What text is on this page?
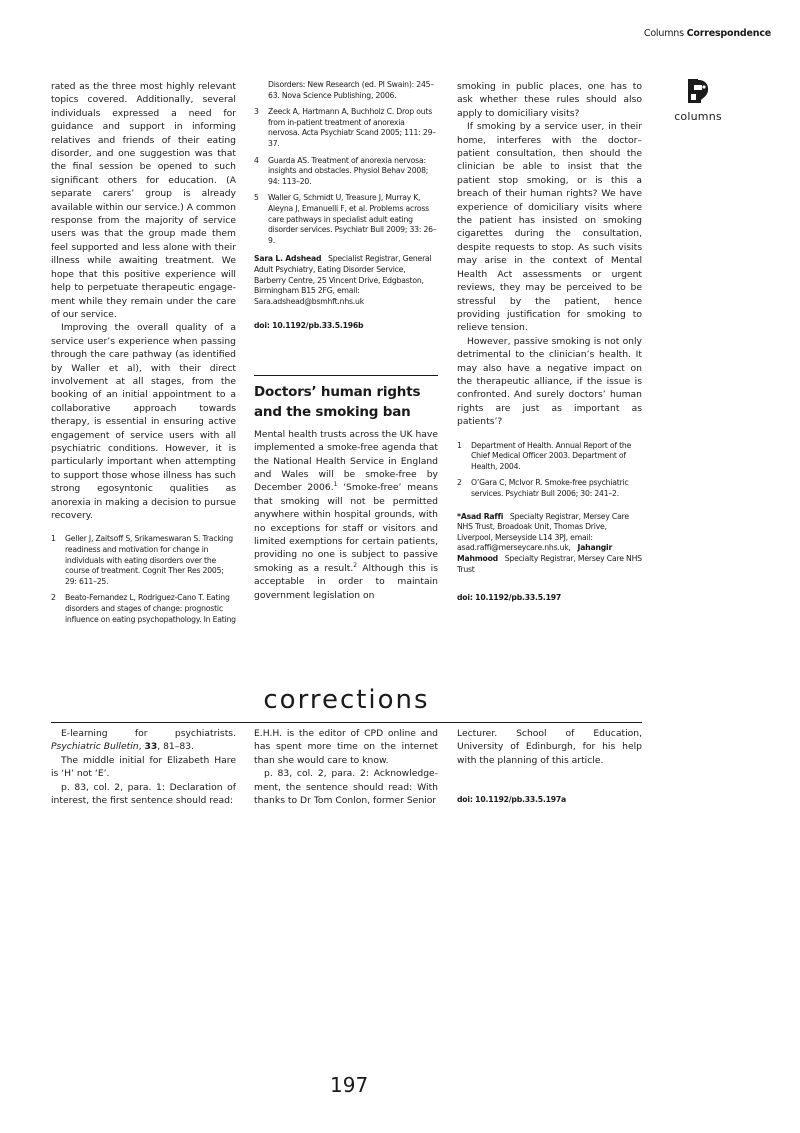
Columns Correspondence
columns

rated as the three most highly relevant topics covered. Additionally, several individuals expressed a need for guidance and support in informing relatives and friends of their eating disorder, and one suggestion was that the final session be opened to such significant others for education. (A separate carers’ group is already available within our service.) A common response from the majority of service users was that the group made them feel supported and less alone with their illness while awaiting treatment. We hope that this positive experience will help to perpetuate therapeutic engage-ment while they remain under the care of our service.

Improving the overall quality of a service user’s experience when passing through the care pathway (as identified by Waller et al), with their direct involvement at all stages, from the booking of an initial appointment to a collaborative approach towards therapy, is essential in ensuring active engagement of service users with all psychiatric conditions. However, it is particularly important when attempting to support those whose illness has such strong egosyntonic qualities as anorexia in making a decision to pursue recovery.

1 Geller J, Zaitsoff S, Srikameswaran S. Tracking readiness and motivation for change in individuals with eating disorders over the course of treatment. Cognit Ther Res 2005; 29: 611–25.
2 Beato-Fernandez L, Rodriguez-Cano T. Eating disorders and stages of change: prognostic influence on eating psychopathology. In Eating
Disorders: New Research (ed. PI Swain): 245–63. Nova Science Publishing, 2006.
3 Zeeck A, Hartmann A, Buchholz C. Drop outs from in-patient treatment of anorexia nervosa. Acta Psychiatr Scand 2005; 111: 29–37.
4 Guarda AS. Treatment of anorexia nervosa: insights and obstacles. Physiol Behav 2008; 94: 113–20.
5 Waller G, Schmidt U, Treasure J, Murray K, Aleyna J, Emanuelli F, et al. Problems across care pathways in specialist adult eating disorder services. Psychiatr Bull 2009; 33: 26–9.
Sara L. Adshead Specialist Registrar, General Adult Psychiatry, Eating Disorder Service, Barberry Centre, 25 Vincent Drive, Edgbaston, Birmingham B15 2FG, email: Sara.adshead@bsmhft.nhs.uk
doi: 10.1192/pb.33.5.196b
Doctors’ human rights and the smoking ban

Mental health trusts across the UK have implemented a smoke-free agenda that the National Health Service in England and Wales will be smoke-free by December 2006.$^1$ ‘Smoke-free’ means that smoking will not be permitted anywhere within hospital grounds, with no exceptions for staff or visitors and limited exemptions for certain patients, providing no one is subject to passive smoking as a result.$^2$ Although this is acceptable in order to maintain government legislation on

smoking in public places, one has to ask whether these rules should also apply to domiciliary visits?

If smoking by a service user, in their home, interferes with the doctor–patient consultation, then should the clinician be able to insist that the patient stop smoking, or is this a breach of their human rights? We have experience of domiciliary visits where the patient has insisted on smoking cigarettes during the consultation, despite requests to stop. As such visits may arise in the context of Mental Health Act assessments or urgent reviews, they may be perceived to be stressful by the patient, hence providing justification for smoking to relieve tension.

However, passive smoking is not only detrimental to the clinician’s health. It may also have a negative impact on the therapeutic alliance, if the issue is confronted. And surely doctors’ human rights are just as important as patients’?

1 Department of Health. Annual Report of the Chief Medical Officer 2003. Department of Health, 2004.
2 O’Gara C, McIvor R. Smoke-free psychiatric services. Psychiatr Bull 2006; 30: 241–2.
*Asad Raffi Specialty Registrar, Mersey Care NHS Trust, Broadoak Unit, Thomas Drive, Liverpool, Merseyside L14 3PJ, email: asad.raffi@merseycare.nhs.uk, Jahangir Mahmood Specialty Registrar, Mersey Care NHS Trust
doi: 10.1192/pb.33.5.197
corrections

E-learning for psychiatrists. Psychiatric Bulletin, 33, 81–83.

The middle initial for Elizabeth Hare is ‘H’ not ‘E’.

p. 83, col. 2, para. 1: Declaration of interest, the first sentence should read:

E.H.H. is the editor of CPD online and has spent more time on the internet than she would care to know.

p. 83, col. 2, para. 2: Acknowledge-ment, the sentence should read: With thanks to Dr Tom Conlon, former Senior

Lecturer. School of Education, University of Edinburgh, for his help with the planning of this article.

doi: 10.1192/pb.33.5.197a
197
